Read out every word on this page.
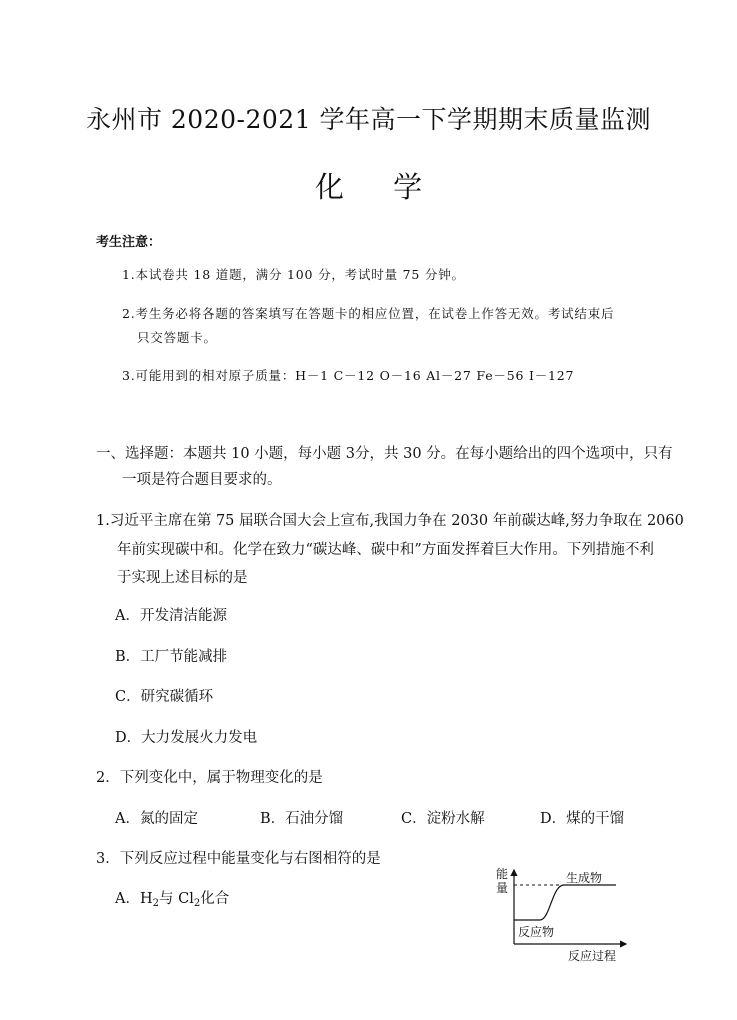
永州市 2020-2021 学年高一下学期期末质量监测
化 学
考生注意：
1.本试卷共 18 道题，满分 100 分，考试时量 75 分钟。
2.考生务必将各题的答案填写在答题卡的相应位置，在试卷上作答无效。考试结束后
只交答题卡。
3.可能用到的相对原子质量：H－1 C－12 O－16 Al－27 Fe－56 I－127
一、选择题：本题共 10 小题，每小题 3分，共 30 分。在每小题给出的四个选项中，只有
一项是符合题目要求的。
1.习近平主席在第 75 届联合国大会上宣布,我国力争在 2030 年前碳达峰,努力争取在 2060
年前实现碳中和。化学在致力“碳达峰、碳中和”方面发挥着巨大作用。下列措施不利
于实现上述目标的是
A．开发清洁能源
B．工厂节能减排
C．研究碳循环
D．大力发展火力发电
2．下列变化中，属于物理变化的是
A．氮的固定	B．石油分馏	C．淀粉水解	D．煤的干馏
3．下列反应过程中能量变化与右图相符的是
A．$H_2$与 $Cl_2$化合
能
量
生成物
反应物
反应过程
